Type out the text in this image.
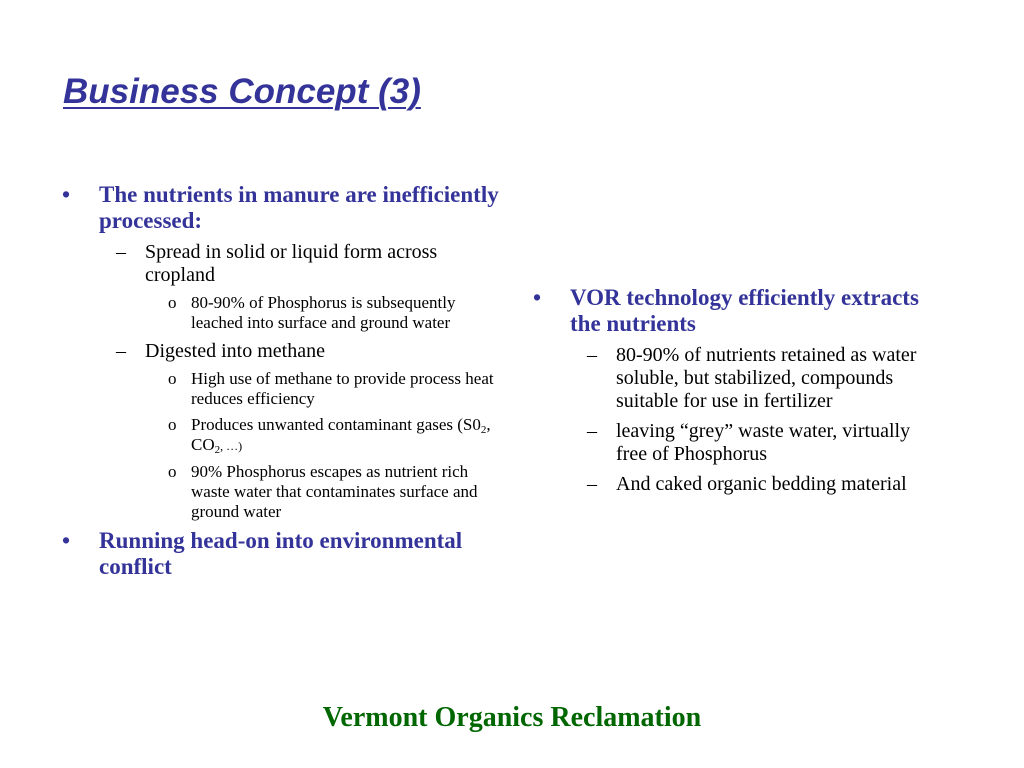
Business Concept (3)
•	The nutrients in manure are inefficiently processed:
– Spread in solid or liquid form across cropland
o 80-90% of Phosphorus is subsequently leached into surface and ground water
– Digested into methane
o High use of methane to provide process heat reduces efficiency
o Produces unwanted contaminant gases ($S0_2$, $CO_2$, …)
o 90% Phosphorus escapes as nutrient rich waste water that contaminates surface and ground water
•	Running head-on into environmental conflict
•	VOR technology efficiently extracts the nutrients
– 80-90% of nutrients retained as water soluble, but stabilized, compounds suitable for use in fertilizer
– leaving “grey” waste water, virtually free of Phosphorus
– And caked organic bedding material

Vermont Organics Reclamation
